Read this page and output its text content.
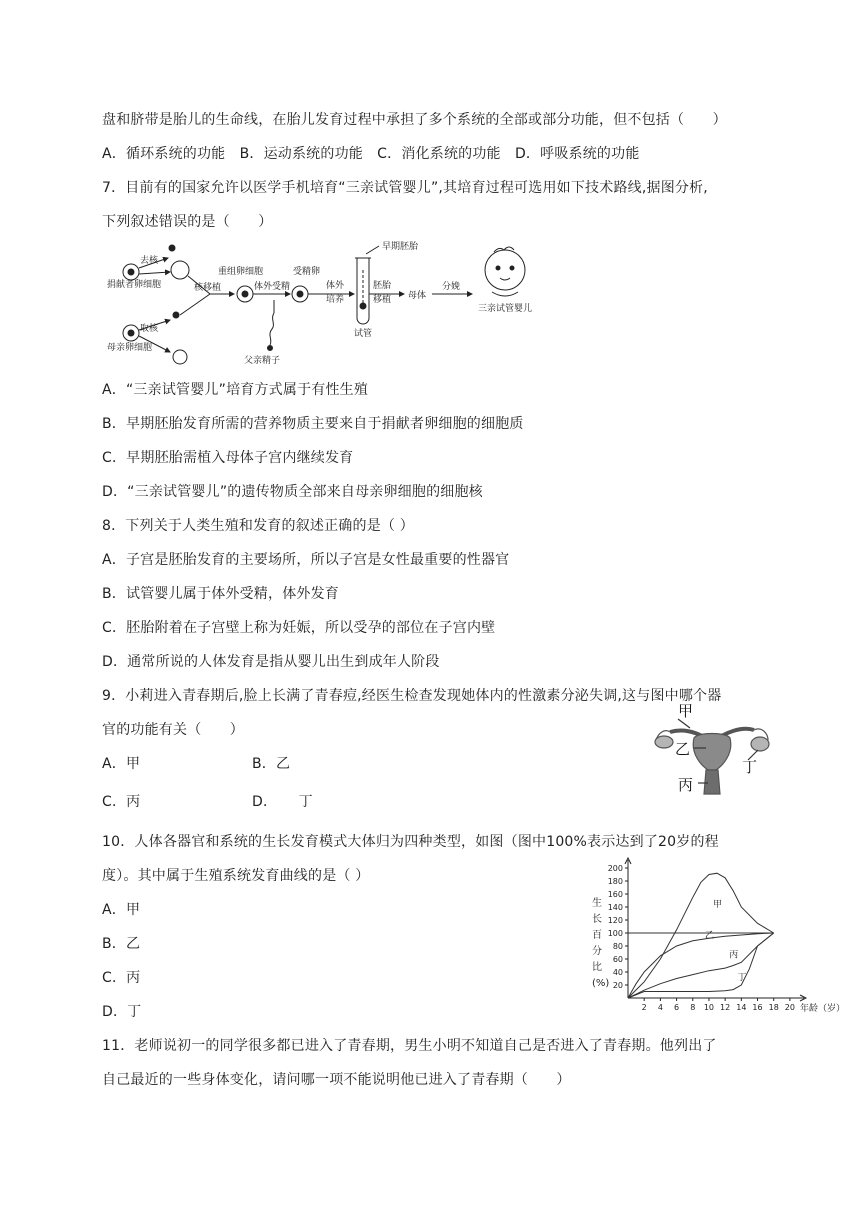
盘和脐带是胎儿的生命线，在胎儿发育过程中承担了多个系统的全部或部分功能，但不包括（　　）
A．循环系统的功能　B．运动系统的功能　C．消化系统的功能　D．呼吸系统的功能
7．目前有的国家允许以医学手机培育“三亲试管婴儿”,其培育过程可选用如下技术路线,据图分析,
下列叙述错误的是（　　）
去核
捐献者卵细胞
取核
母亲卵细胞
核移植
重组卵细胞
体外受精
受精卵
体外
培养
早期胚胎
胚胎
移植
试管
母体
分娩
三亲试管婴儿
父亲精子
A．“三亲试管婴儿”培育方式属于有性生殖
B．早期胚胎发育所需的营养物质主要来自于捐献者卵细胞的细胞质
C．早期胚胎需植入母体子宫内继续发育
D．“三亲试管婴儿”的遗传物质全部来自母亲卵细胞的细胞核
8．下列关于人类生殖和发育的叙述正确的是（ ）
A．子宫是胚胎发育的主要场所，所以子宫是女性最重要的性器官
B．试管婴儿属于体外受精，体外发育
C．胚胎附着在子宫壁上称为妊娠，所以受孕的部位在子宫内壁
D．通常所说的人体发育是指从婴儿出生到成年人阶段
9．小莉进入青春期后,脸上长满了青春痘,经医生检查发现她体内的性激素分泌失调,这与图中哪个器
官的功能有关（　　）
A．甲	B．乙
C．丙	D．　　丁
甲
乙
丙
丁
10．人体各器官和系统的生长发育模式大体归为四种类型，如图（图中100%表示达到了20岁的程
度）。其中属于生殖系统发育曲线的是（ ）
A．甲
B．乙
C．丙
D．丁
生
长
百
分
比
(%) 20
40
60
80
100
120
140
160
180
200
2 4 6 8 10 12 14 16 18 20 年龄（岁）
甲
乙
丙
丁
11．老师说初一的同学很多都已进入了青春期，男生小明不知道自己是否进入了青春期。他列出了
自己最近的一些身体变化，请问哪一项不能说明他已进入了青春期（　　）
